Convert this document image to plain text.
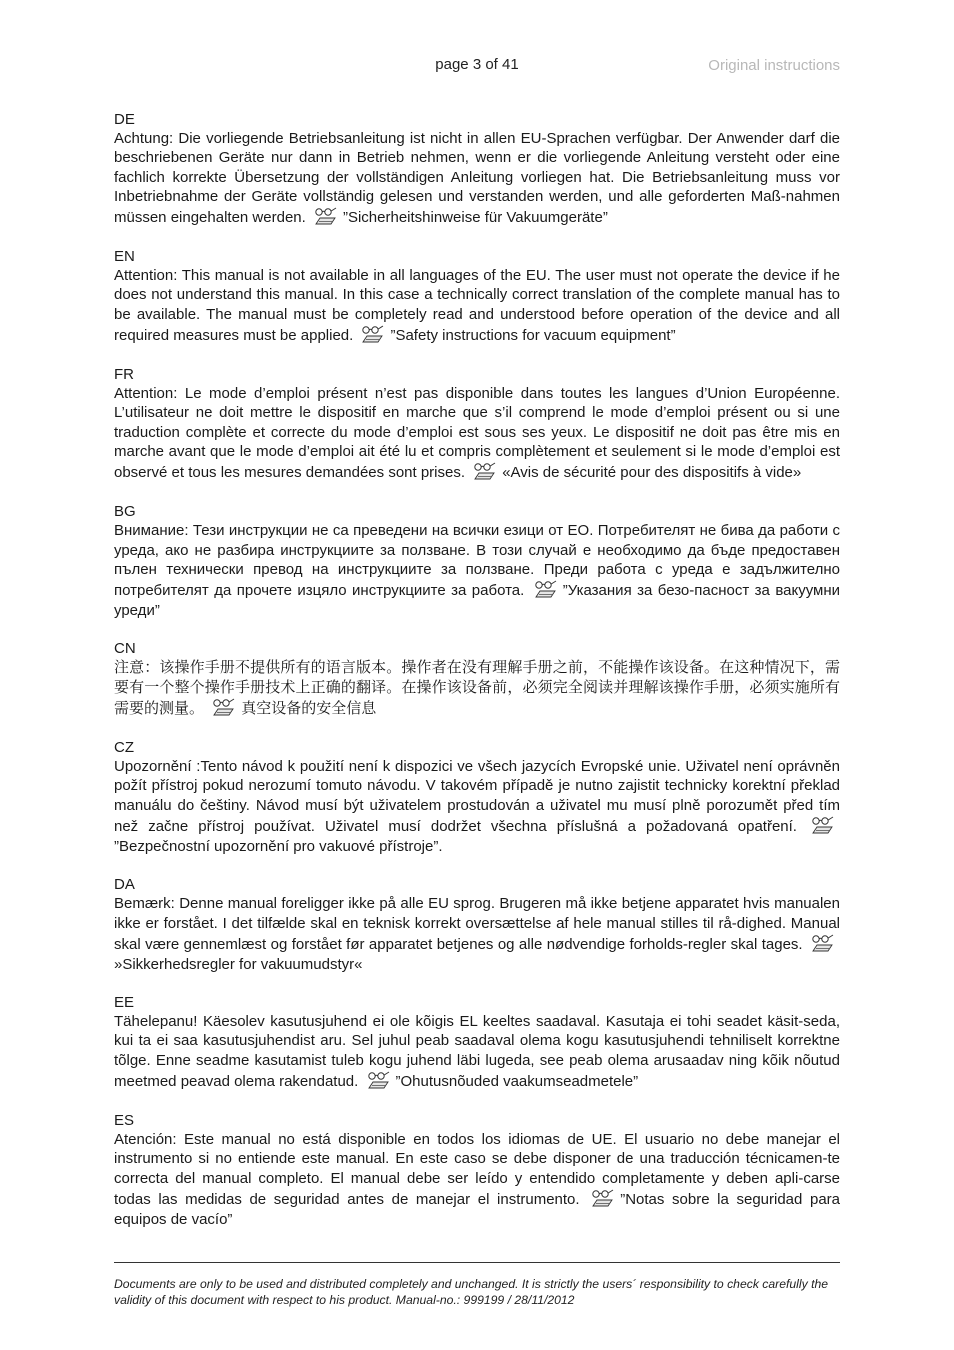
page 3 of 41	Original instructions
DE
Achtung: Die vorliegende Betriebsanleitung ist nicht in allen EU-Sprachen verfügbar. Der Anwender darf die beschriebenen Geräte nur dann in Betrieb nehmen, wenn er die vorliegende Anleitung versteht oder eine fachlich korrekte Übersetzung der vollständigen Anleitung vorliegen hat. Die Betriebsanleitung muss vor Inbetriebnahme der Geräte vollständig gelesen und verstanden werden, und alle geforderten Maß-nahmen müssen eingehalten werden. ”Sicherheitshinweise für Vakuumgeräte”
EN
Attention: This manual is not available in all languages of the EU. The user must not operate the device if he does not understand this manual. In this case a technically correct translation of the complete manual has to be available. The manual must be completely read and understood before operation of the device and all required measures must be applied. ”Safety instructions for vacuum equipment”
FR
Attention: Le mode d’emploi présent n’est pas disponible dans toutes les langues d’Union Européenne. L’utilisateur ne doit mettre le dispositif en marche que s’il comprend le mode d’emploi présent ou si une traduction complète et correcte du mode d’emploi est sous ses yeux. Le dispositif ne doit pas être mis en marche avant que le mode d’emploi ait été lu et compris complètement et seulement si le mode d’emploi est observé et tous les mesures demandées sont prises. «Avis de sécurité pour des dispositifs à vide»
BG
Внимание: Тези инструкции не са преведени на всички езици от ЕО. Потребителят не бива да работи с уреда, ако не разбира инструкциите за ползване. В този случай е необходимо да бъде предоставен пълен технически превод на инструкциите за ползване. Преди работа с уреда е задължително потребителят да прочете изцяло инструкциите за работа.	”Указания за безо-пасност за вакуумни уреди”
CN
注意：该操作手册不提供所有的语言版本。操作者在没有理解手册之前，不能操作该设备。在这种情况下，需要有一个整个操作手册技术上正确的翻译。在操作该设备前，必须完全阅读并理解该操作手册，必须实施所有需要的测量。 真空设备的安全信息
CZ
Upozornění :Tento návod k použití není k dispozici ve všech jazycích Evropské unie. Uživatel není oprávněn požít přístroj pokud nerozumí tomuto návodu. V takovém případě je nutno zajistit technicky korektní překlad manuálu do češtiny. Návod musí být uživatelem prostudován a uživatel mu musí plně porozumět před tím než začne přístroj používat. Uživatel musí dodržet všechna příslušná a požadovaná opatření. ”Bezpečnostní upozornění pro vakuové přístroje”.
DA
Bemærk: Denne manual foreligger ikke på alle EU sprog. Brugeren må ikke betjene apparatet hvis manualen ikke er forstået. I det tilfælde skal en teknisk korrekt oversættelse af hele manual stilles til rå-dighed. Manual skal være gennemlæst og forstået før apparatet betjenes og alle nødvendige forholds-regler skal tages. »Sikkerhedsregler for vakuumudstyr«
EE
Tähelepanu! Käesolev kasutusjuhend ei ole kõigis EL keeltes saadaval. Kasutaja ei tohi seadet käsit-seda, kui ta ei saa kasutusjuhendist aru. Sel juhul peab saadaval olema kogu kasutusjuhendi tehniliselt korrektne tõlge. Enne seadme kasutamist tuleb kogu juhend läbi lugeda, see peab olema arusaadav ning kõik nõutud meetmed peavad olema rakendatud. ”Ohutusnõuded vaakumseadmetele”
ES
Atención: Este manual no está disponible en todos los idiomas de UE. El usuario no debe manejar el instrumento si no entiende este manual. En este caso se debe disponer de una traducción técnicamen-te correcta del manual completo. El manual debe ser leído y entendido completamente y deben apli-carse todas las medidas de seguridad antes de manejar el instrumento.	”Notas sobre la seguridad para equipos de vacío”
Documents are only to be used and distributed completely and unchanged. It is strictly the users´ responsibility to check carefully the validity of this document with respect to his product. Manual-no.: 999199 / 28/11/2012
